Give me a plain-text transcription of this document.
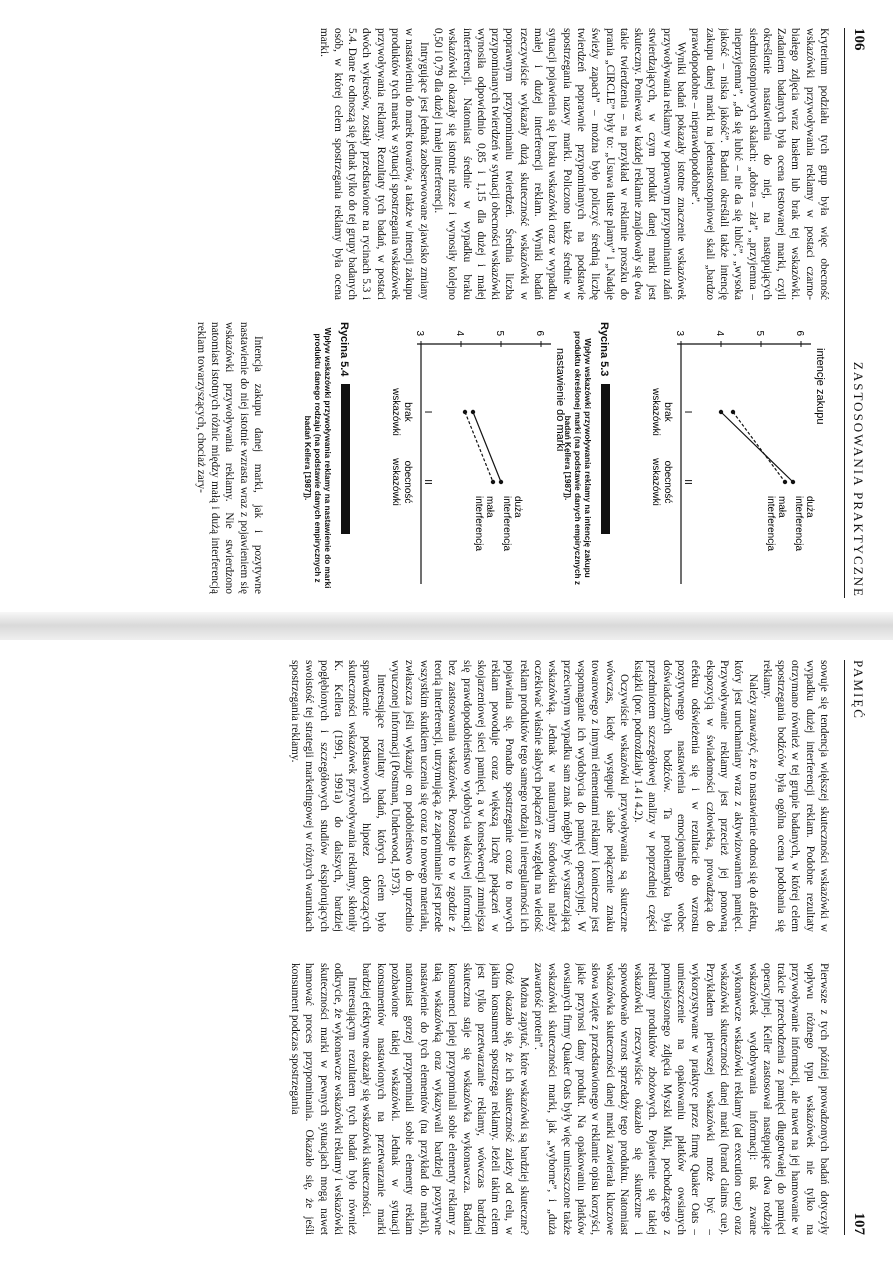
106
ZASTOSOWANIA PRAKTYCZNE

Kryterium podziału tych grup była więc obecność wskazówki przywoływania reklamy w postaci czarno-białego zdjęcia wraz hasłem lub brak tej wskazówki. Zadaniem badanych była ocena testowanej marki, czyli określenie nastawienia do niej, na następujących siedmiostopniowych skalach: „dobra – zła”, „przyjemna – nieprzyjemna”, „da się lubić – nie da się lubić”, „wysoka jakość – niska jakość”. Badani określali także intencję zakupu danej marki na jedenastostopniowej skali „bardzo prawdopodobne – nieprawdopodobne”.

Wyniki badań pokazały istotne znaczenie wskazówek przywoływania reklamy w poprawnym przypominaniu zdań stwierdzających, w czym produkt danej marki jest skuteczny. Ponieważ w każdej reklamie znajdowały się dwa takie twierdzenia – na przykład w reklamie proszku do prania „CIRCLE” były to: „Usuwa tłuste plamy” i „Nadaje świeży zapach” – można było policzyć średnią liczbę twierdzeń poprawnie przypominanych na podstawie spostrzegania nazwy marki. Policzono także średnie w sytuacji pojawienia się i braku wskazówki oraz w wypadku małej i dużej interferencji reklam. Wyniki badań rzeczywiście wykazały dużą skuteczność wskazówki w poprawnym przypominaniu twierdzeń. Średnia liczba przypominanych twierdzeń w sytuacji obecności wskazówki wynosiła odpowiednio 0,85 i 1,15 dla dużej i małej interferencji. Natomiast średnie w wypadku braku wskazówki okazały się istotnie niższe i wynosiły kolejno 0,50 i 0,79 dla dużej i małej interferencji.

Intrygujące jest jednak zaobserwowane zjawisko zmiany w nastawieniu do marek towarów, a także w intencji zakupu produktów tych marek w sytuacji spostrzegania wskazówek przywoływania reklamy. Rezultaty tych badań, w postaci dwóch wykresów, zostały przedstawione na rycinach 5.3 i 5.4. Dane te odnoszą się jednak tylko do tej grupy badanych osób, w której celem spostrzegania reklamy była ocena marki.

intencje zakupu
3	4	5	6
I
brak
wskazówki
II
obecność
wskazówki
duża
interferencja
mała
interferencja
Rycina 5.3
Wpływ wskazówki przywoływania reklamy na intencję zakupu produktu określonej marki (na podstawie danych empirycznych z badań Kellera [1987]).
nastawienie do marki
3	4	5	6
I
brak
wskazówki
II
obecność
wskazówki
duża
interferencja
mała
interferencja
Rycina 5.4
Wpływ wskazówki przywoływania reklamy na nastawienie do marki produktu danego rodzaju (na podstawie danych empirycznych z badań Kellera [1987]).

Intencja zakupu danej marki, jak i pozytywne nastawienie do niej istotnie wzrasta wraz z pojawieniem się wskazówki przywoływania reklamy. Nie stwierdzono natomiast istotnych różnic między małą i dużą interferencją reklam towarzyszących, chociaż zary-

PAMIĘĆ
107

sowuje się tendencja większej skuteczności wskazówki w wypadku dużej interferencji reklam. Podobne rezultaty otrzymano również w tej grupie badanych, w której celem spostrzegania bodźców była ogólna ocena podobania się reklamy.

Należy zauważyć, że to nastawienie odnosi się do afektu, który jest uruchamiany wraz z aktywizowaniem pamięci. Przywoływanie reklamy jest przecież jej ponowną ekspozycją w świadomości człowieka, prowadzącą do efektu odświeżenia się i w rezultacie do wzrostu pozytywnego nastawienia emocjonalnego wobec doświadczanych bodźców. Ta problematyka była przedmiotem szczegółowej analizy w poprzedniej części książki (por. podrozdziały 1.4 i 4.2).

Oczywiście wskazówki przywoływania są skuteczne wówczas, kiedy występuje słabe połączenie znaku towarowego z innymi elementami reklamy i konieczne jest wspomaganie ich wydobycia do pamięci operacyjnej. W przeciwnym wypadku sam znak mógłby być wystarczającą wskazówką. Jednak w naturalnym środowisku należy oczekiwać właśnie słabych połączeń ze względu na wielość reklam produktów tego samego rodzaju i nieregularności ich pojawiania się. Ponadto spostrzeganie coraz to nowych reklam powoduje coraz większą liczbę połączeń w skojarzeniowej sieci pamięci, a w konsekwencji zmniejsza się prawdopodobieństwo wydobycia właściwej informacji bez zastosowania wskazówek. Pozostaje to w zgodzie z teorią interferencji, utrzymującą, że zapominanie jest przede wszystkim skutkiem uczenia się coraz to nowego materiału, zwłaszcza jeśli wykazuje on podobieństwo do uprzednio wyuczonej informacji (Postman, Underwood, 1973).

Interesujące rezultaty badań, których celem było sprawdzenie podstawowych hipotez dotyczących skuteczności wskazówek przywoływania reklamy, skłoniły K. Kellera (1991, 1991a) do dalszych, bardziej pogłębionych i szczegółowych studiów eksplorujących swoistość tej strategii marketingowej w różnych warunkach spostrzegania reklamy.

Pierwsze z tych później prowadzonych badań dotyczyły wpływu różnego typu wskazówek nie tylko na przywoływanie informacji, ale nawet na jej hamowanie w trakcie przechodzenia z pamięci długotrwałej do pamięci operacyjnej. Keller zastosował następujące dwa rodzaje wskazówek wydobywania informacji: tak zwane wykonawcze wskazówki reklamy (ad execution cue) oraz wskazówki skuteczności danej marki (brand claims cue). Przykładem pierwszej wskazówki może być – wykorzystywane w praktyce przez firmę Quaker Oats – umieszczenie na opakowaniu płatków owsianych pomniejszonego zdjęcia Myszki Miki, pochodzącego z reklamy produktów zbożowych. Pojawienie się takiej wskazówki rzeczywiście okazało się skuteczne i spowodowało wzrost sprzedaży tego produktu. Natomiast wskazówka skuteczności danej marki zawierała kluczowe słowa wzięte z przedstawionego w reklamie opisu korzyści, jakie przynosi dany produkt. Na opakowaniu płatków owsianych firmy Quaker Oats były więc umieszczone także wskazówki skuteczności marki, jak „wyborne”, i „duża zawartość protein”.

Można zapytać, które wskazówki są bardziej skuteczne? Otóż okazało się, że ich skuteczność zależy od celu, w jakim konsument spostrzega reklamy. Jeżeli takim celem jest tylko przetwarzanie reklamy, wówczas bardziej skuteczna staje się wskazówka wykonawcza. Badani konsumenci lepiej przypominali sobie elementy reklamy z taką wskazówką oraz wykazywali bardziej pozytywne nastawienie do tych elementów (na przykład do marki), natomiast gorzej przypominali sobie elementy reklam pozbawione takiej wskazówki. Jednak w sytuacji konsumentów nastawionych na przetwarzanie marki bardziej efektywne okazały się wskazówki skuteczności.

Interesującym rezultatem tych badań było również odkrycie, że wykonawcze wskazówki reklamy i wskazówki skuteczności marki w pewnych sytuacjach mogą nawet hamować proces przypominania. Okazało się, że jeśli konsument podczas spostrzegania
